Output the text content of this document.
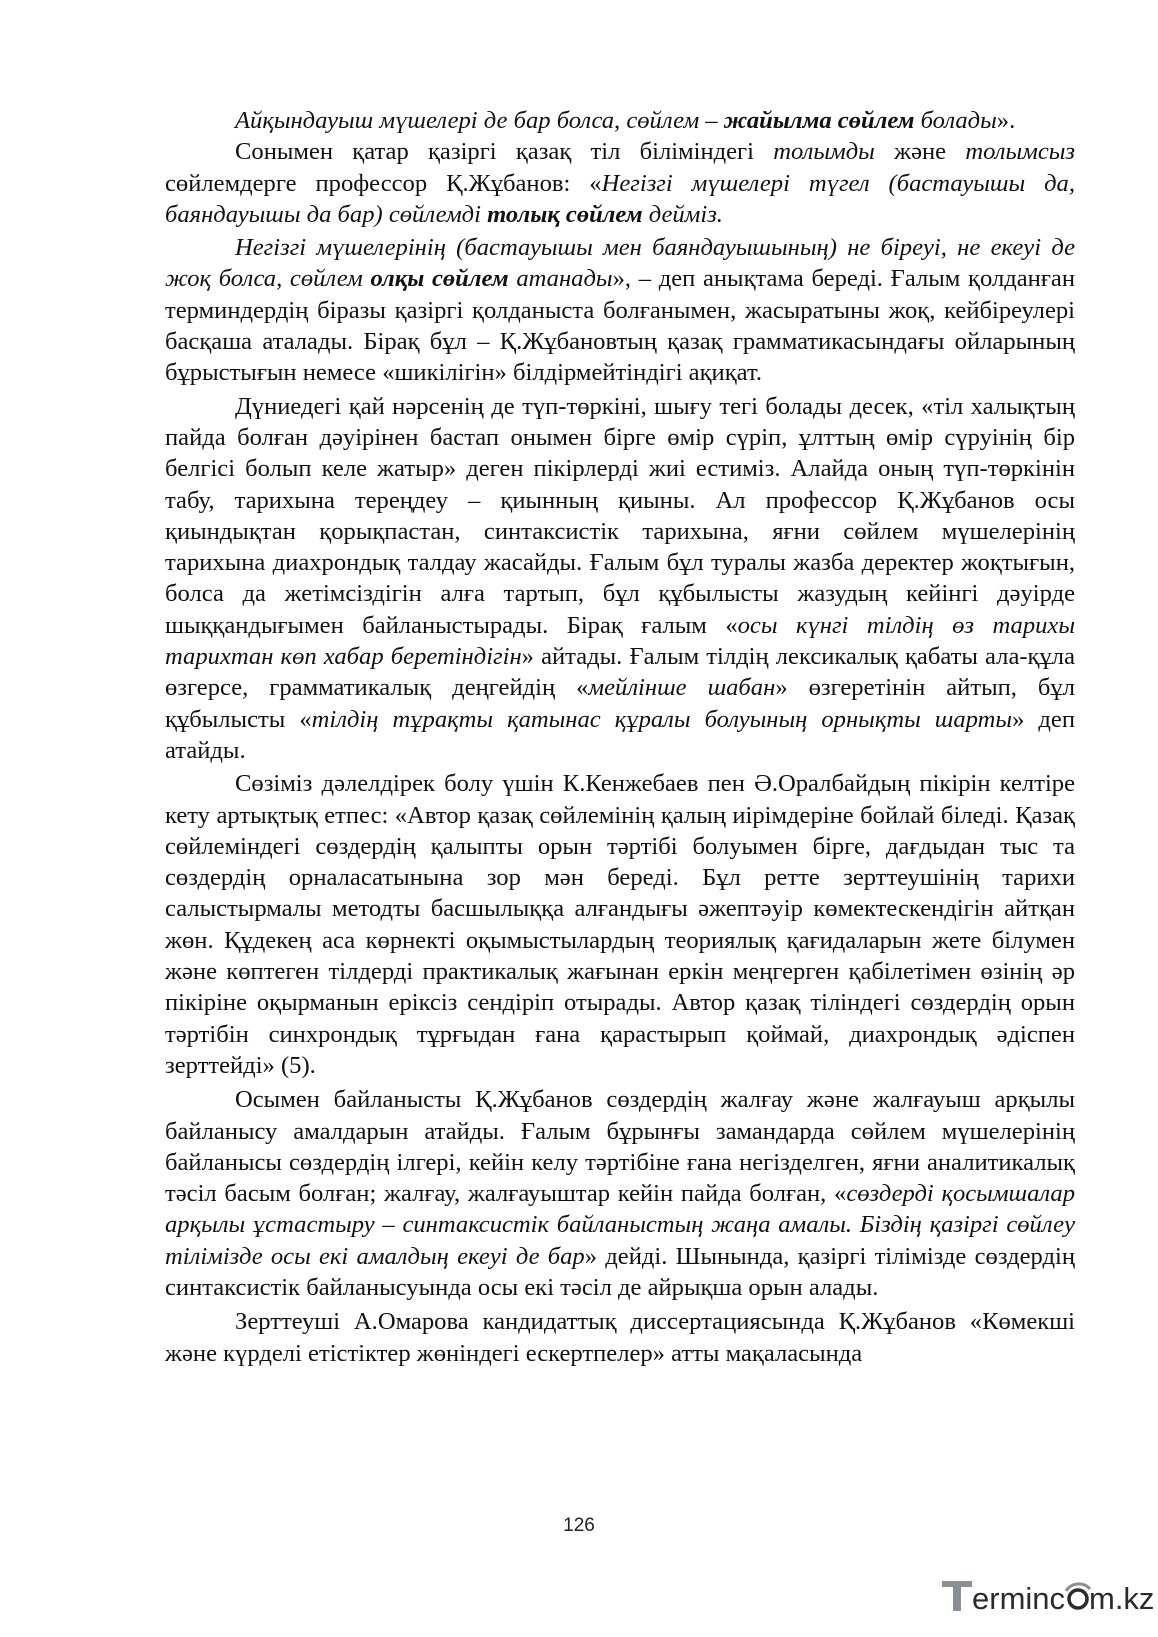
Айқындауыш мүшелері де бар болса, сөйлем – жайылма сөйлем болады».

Сонымен қатар қазіргі қазақ тіл біліміндегі толымды және толымсыз сөйлемдерге профессор Қ.Жұбанов: «Негізгі мүшелері түгел (бастауышы да, баяндауышы да бар) сөйлемді толық сөйлем дейміз.

Негізгі мүшелерінің (бастауышы мен баяндауышының) не біреуі, не екеуі де жоқ болса, сөйлем олқы сөйлем атанады», – деп анықтама береді. Ғалым қолданған терминдердің біразы қазіргі қолданыста болғанымен, жасыратыны жоқ, кейбіреулері басқаша аталады. Бірақ бұл – Қ.Жұбановтың қазақ грамматикасындағы ойларының бұрыстығын немесе «шикілігін» білдірмейтіндігі ақиқат.

Дүниедегі қай нәрсенің де түп-төркіні, шығу тегі болады десек, «тіл халықтың пайда болған дәуірінен бастап онымен бірге өмір сүріп, ұлттың өмір сүруінің бір белгісі болып келе жатыр» деген пікірлерді жиі естиміз. Алайда оның түп-төркінін табу, тарихына тереңдеу – қиынның қиыны. Ал профессор Қ.Жұбанов осы қиындықтан қорықпастан, синтаксистік тарихына, яғни сөйлем мүшелерінің тарихына диахрондық талдау жасайды. Ғалым бұл туралы жазба деректер жоқтығын, болса да жетімсіздігін алға тартып, бұл құбылысты жазудың кейінгі дәуірде шыққандығымен байланыстырады. Бірақ ғалым «осы күнгі тілдің өз тарихы тарихтан көп хабар беретіндігін» айтады. Ғалым тілдің лексикалық қабаты ала-құла өзгерсе, грамматикалық деңгейдің «мейлінше шабан» өзгеретінін айтып, бұл құбылысты «тілдің тұрақты қатынас құралы болуының орнықты шарты» деп атайды.

Сөзіміз дәлелдірек болу үшін К.Кенжебаев пен Ә.Оралбайдың пікірін келтіре кету артықтық етпес: «Автор қазақ сөйлемінің қалың иірімдеріне бойлай біледі. Қазақ сөйлеміндегі сөздердің қалыпты орын тәртібі болуымен бірге, дағдыдан тыс та сөздердің орналасатынына зор мән береді. Бұл ретте зерттеушінің тарихи салыстырмалы методты басшылыққа алғандығы әжептәуір көмектескендігін айтқан жөн. Құдекең аса көрнекті оқымыстылардың теориялық қағидаларын жете білумен және көптеген тілдерді практикалық жағынан еркін меңгерген қабілетімен өзінің әр пікіріне оқырманын еріксіз сендіріп отырады. Автор қазақ тіліндегі сөздердің орын тәртібін синхрондық тұрғыдан ғана қарастырып қоймай, диахрондық әдіспен зерттейді» (5).

Осымен байланысты Қ.Жұбанов сөздердің жалғау және жалғауыш арқылы байланысу амалдарын атайды. Ғалым бұрынғы замандарда сөйлем мүшелерінің байланысы сөздердің ілгері, кейін келу тәртібіне ғана негізделген, яғни аналитикалық тәсіл басым болған; жалғау, жалғауыштар кейін пайда болған, «сөздерді қосымшалар арқылы ұстастыру – синтаксистік байланыстың жаңа амалы. Біздің қазіргі сөйлеу тілімізде осы екі амалдың екеуі де бар» дейді. Шынында, қазіргі тілімізде сөздердің синтаксистік байланысуында осы екі тәсіл де айрықша орын алады.

Зерттеуші А.Омарова кандидаттық диссертациясында Қ.Жұбанов «Көмекші және күрделі етістіктер жөніндегі ескертпелер» атты мақаласында

126
erminc m.kz
